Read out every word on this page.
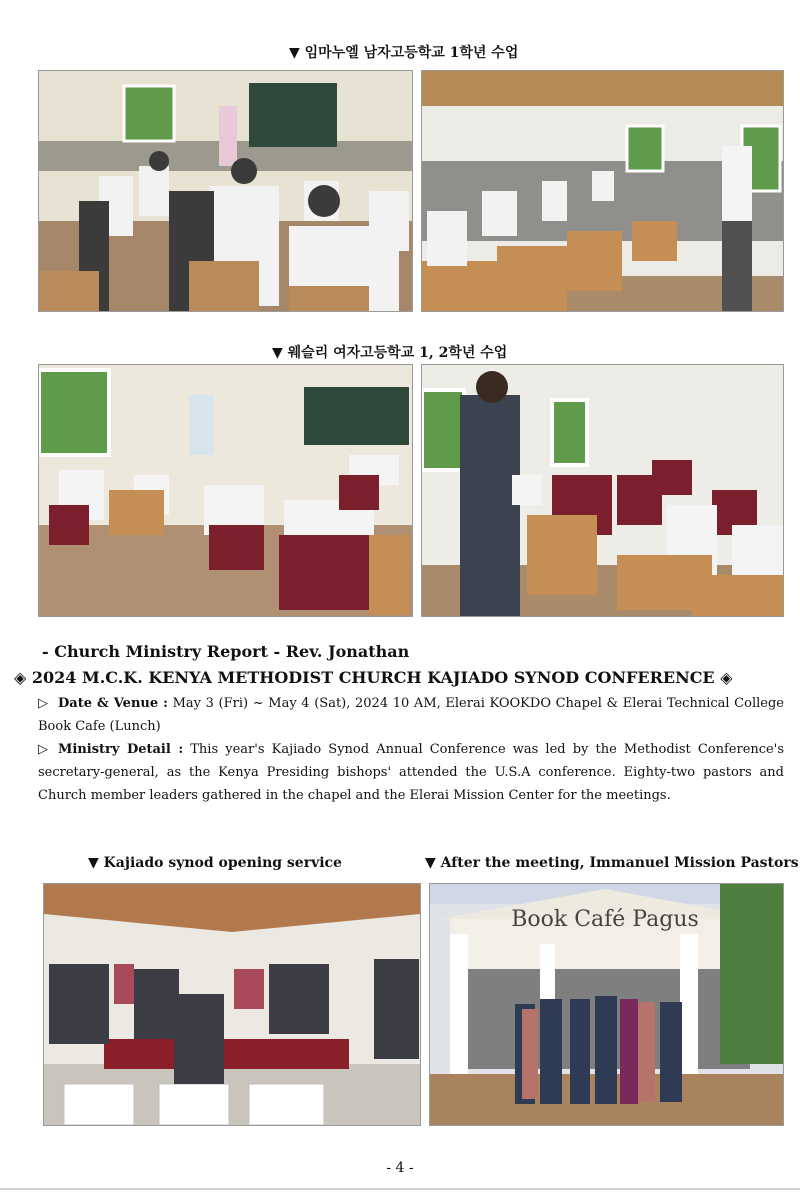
▼ 임마누엘 남자고등학교 1학년 수업
▼ 웨슬리 여자고등학교 1, 2학년 수업
- Church Ministry Report - Rev. Jonathan
◈ 2024 M.C.K. KENYA METHODIST CHURCH KAJIADO SYNOD CONFERENCE ◈
▷ Date & Venue : May 3 (Fri) ~ May 4 (Sat), 2024 10 AM, Elerai KOOKDO Chapel & Elerai Technical College Book Cafe (Lunch)
▷ Ministry Detail : This year's Kajiado Synod Annual Conference was led by the Methodist Conference's secretary-general, as the Kenya Presiding bishops' attended the U.S.A conference. Eighty-two pastors and Church member leaders gathered in the chapel and the Elerai Mission Center for the meetings.
▼ Kajiado synod opening service	▼ After the meeting, Immanuel Mission Pastors
Book Café Pagus
- 4 -
